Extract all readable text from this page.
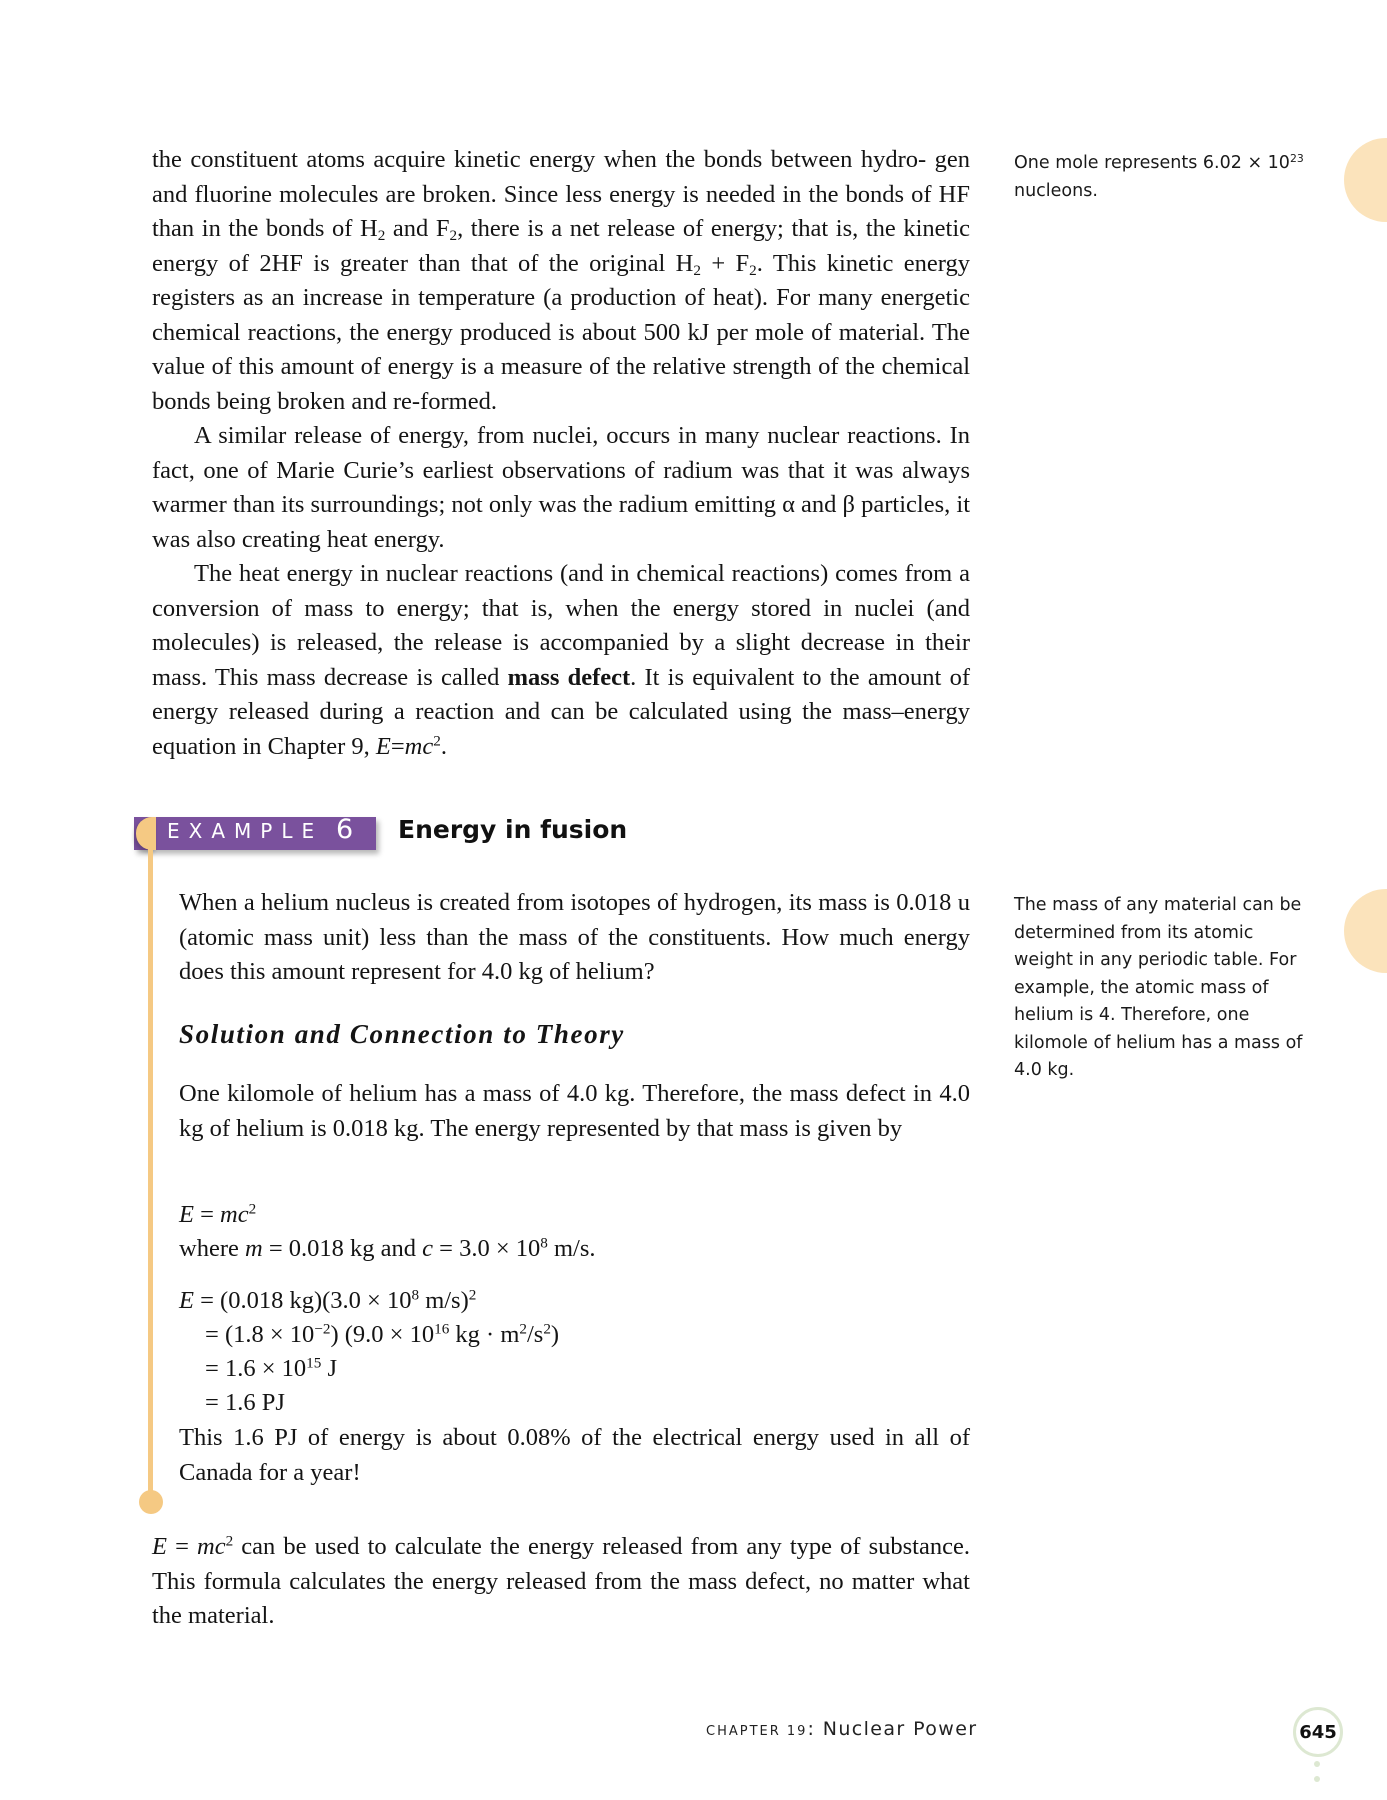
the constituent atoms acquire kinetic energy when the bonds between hydro- gen and fluorine molecules are broken. Since less energy is needed in the bonds of HF than in the bonds of $H_2$ and $F_2$, there is a net release of energy; that is, the kinetic energy of 2HF is greater than that of the original $H_2 + F_2$. This kinetic energy registers as an increase in temperature (a production of heat). For many energetic chemical reactions, the energy produced is about 500 kJ per mole of material. The value of this amount of energy is a measure of the relative strength of the chemical bonds being broken and re-formed.

A similar release of energy, from nuclei, occurs in many nuclear reactions. In fact, one of Marie Curie’s earliest observations of radium was that it was always warmer than its surroundings; not only was the radium emitting α and β particles, it was also creating heat energy.

The heat energy in nuclear reactions (and in chemical reactions) comes from a conversion of mass to energy; that is, when the energy stored in nuclei (and molecules) is released, the release is accompanied by a slight decrease in their mass. This mass decrease is called mass defect. It is equivalent to the amount of energy released during a reaction and can be calculated using the mass–energy equation in Chapter 9, $E=mc^2$.

One mole represents $6.02 \times 10^{23}$
nucleons.
EXAMPLE 6 Energy in fusion

When a helium nucleus is created from isotopes of hydrogen, its mass is 0.018 u (atomic mass unit) less than the mass of the constituents. How much energy does this amount represent for 4.0 kg of helium?

Solution and Connection to Theory

One kilomole of helium has a mass of 4.0 kg. Therefore, the mass defect in 4.0 kg of helium is 0.018 kg. The energy represented by that mass is given by

$E = mc^2$
where m = 0.018 kg and $c = 3.0 \times 10^8$ m/s.
E = (0.018 $kg)(3.0 \times 10^8$ m/s)$^2$
= $(1.8 \times 10^{-2})$ ($9.0 \times 10^{16}$ kg · $m^2/s^2$)
= $1.6 \times 10^{15}$ J
= 1.6 PJ

This 1.6 PJ of energy is about 0.08% of the electrical energy used in all of Canada for a year!

The mass of any material can be determined from its atomic weight in any periodic table. For example, the atomic mass of helium is 4. Therefore, one kilomole of helium has a mass of 4.0 kg.

$E = mc^2$ can be used to calculate the energy released from any type of substance. This formula calculates the energy released from the mass defect, no matter what the material.

CHAPTER 19: Nuclear Power	645
